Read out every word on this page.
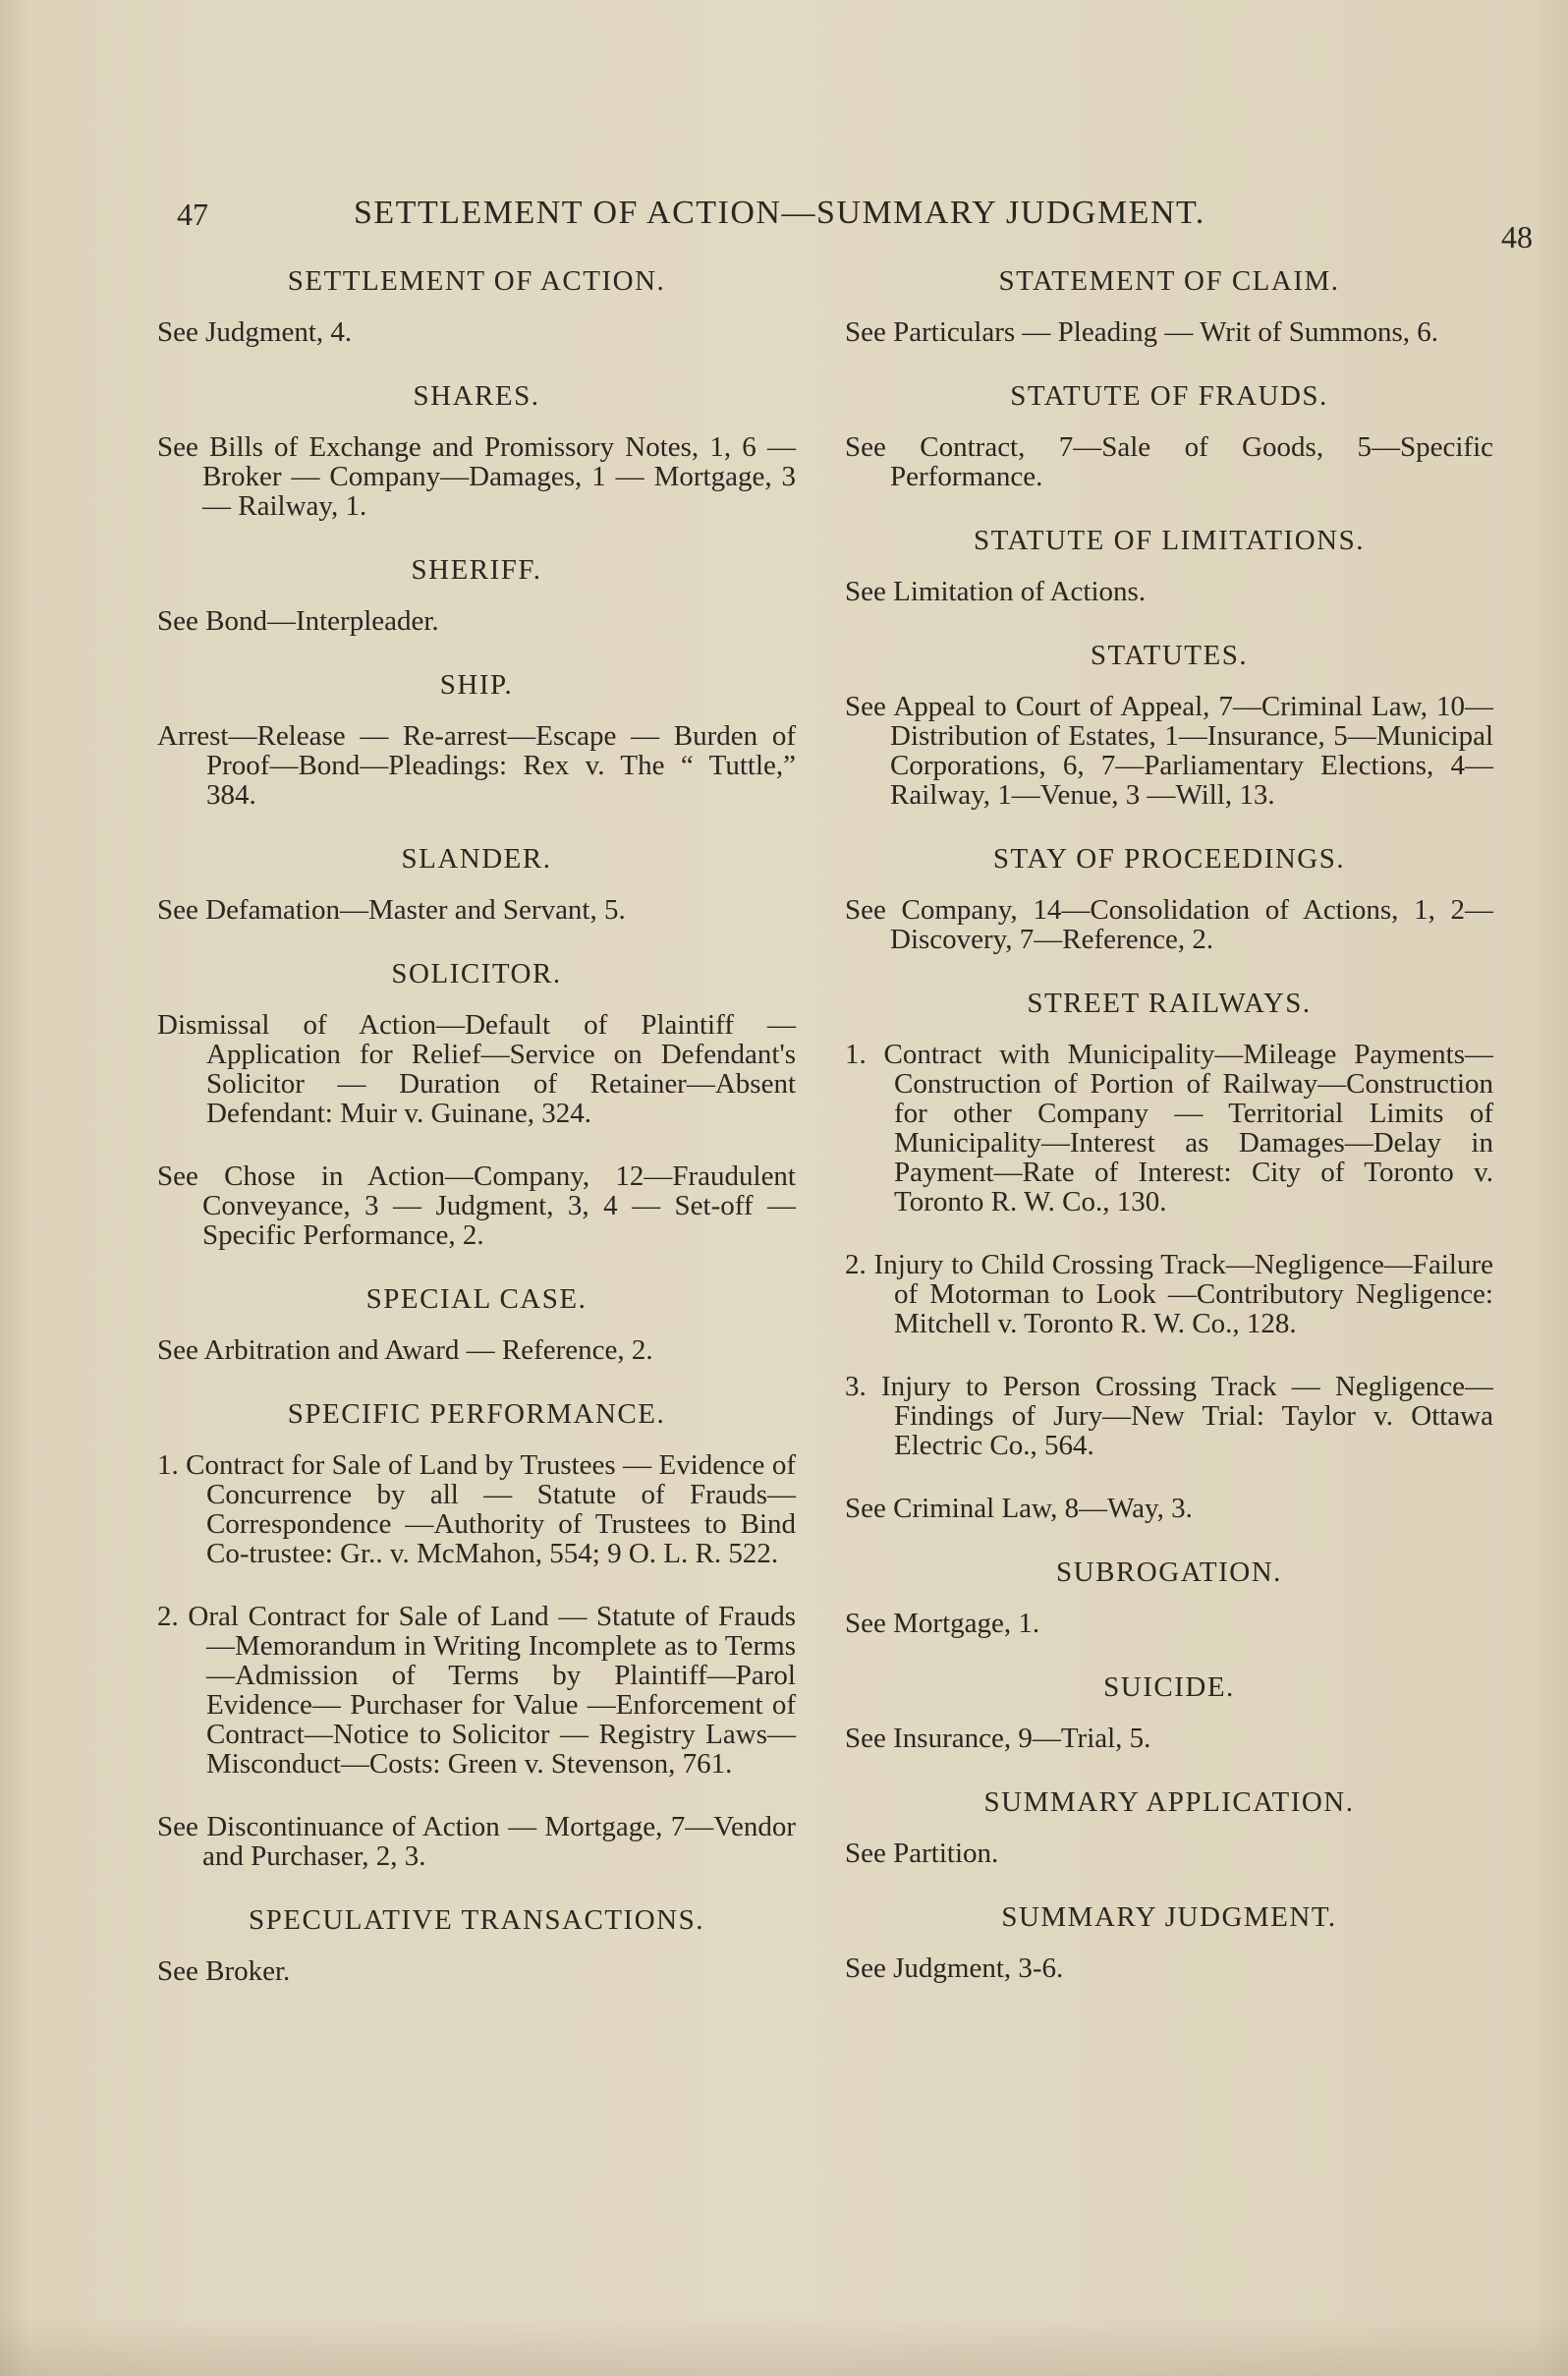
47	SETTLEMENT OF ACTION—SUMMARY JUDGMENT.
48
SETTLEMENT OF ACTION.
See Judgment, 4.
SHARES.
See Bills of Exchange and Promissory Notes, 1, 6 — Broker — Company—Damages, 1 — Mortgage, 3 — Railway, 1.
SHERIFF.
See Bond—Interpleader.
SHIP.
Arrest—Release — Re-arrest—Escape — Burden of Proof—Bond—Pleadings: Rex v. The “ Tuttle,” 384.
SLANDER.
See Defamation—Master and Servant, 5.
SOLICITOR.
Dismissal of Action—Default of Plaintiff —Application for Relief—Service on Defendant's Solicitor — Duration of Retainer—Absent Defendant: Muir v. Guinane, 324.
See Chose in Action—Company, 12—Fraudulent Conveyance, 3 — Judgment, 3, 4 — Set-off — Specific Performance, 2.
SPECIAL CASE.
See Arbitration and Award — Reference, 2.
SPECIFIC PERFORMANCE.
1. Contract for Sale of Land by Trustees — Evidence of Concurrence by all — Statute of Frauds—Correspondence —Authority of Trustees to Bind Co-trustee: Gr.. v. McMahon, 554; 9 O. L. R. 522.
2. Oral Contract for Sale of Land — Statute of Frauds—Memorandum in Writing Incomplete as to Terms—Admission of Terms by Plaintiff—Parol Evidence— Purchaser for Value —Enforcement of Contract—Notice to Solicitor — Registry Laws—Misconduct—Costs: Green v. Stevenson, 761.
See Discontinuance of Action — Mortgage, 7—Vendor and Purchaser, 2, 3.
SPECULATIVE TRANSACTIONS.
See Broker.
STATEMENT OF CLAIM.
See Particulars — Pleading — Writ of Summons, 6.
STATUTE OF FRAUDS.
See Contract, 7—Sale of Goods, 5—Specific Performance.
STATUTE OF LIMITATIONS.
See Limitation of Actions.
STATUTES.
See Appeal to Court of Appeal, 7—Criminal Law, 10—Distribution of Estates, 1—Insurance, 5—Municipal Corporations, 6, 7—Parliamentary Elections, 4—Railway, 1—Venue, 3 —Will, 13.
STAY OF PROCEEDINGS.
See Company, 14—Consolidation of Actions, 1, 2—Discovery, 7—Reference, 2.
STREET RAILWAYS.
1. Contract with Municipality—Mileage Payments—Construction of Portion of Railway—Construction for other Company — Territorial Limits of Municipality—Interest as Damages—Delay in Payment—Rate of Interest: City of Toronto v. Toronto R. W. Co., 130.
2. Injury to Child Crossing Track—Negligence—Failure of Motorman to Look —Contributory Negligence: Mitchell v. Toronto R. W. Co., 128.
3. Injury to Person Crossing Track — Negligence—Findings of Jury—New Trial: Taylor v. Ottawa Electric Co., 564.
See Criminal Law, 8—Way, 3.
SUBROGATION.
See Mortgage, 1.
SUICIDE.
See Insurance, 9—Trial, 5.
SUMMARY APPLICATION.
See Partition.
SUMMARY JUDGMENT.
See Judgment, 3-6.
